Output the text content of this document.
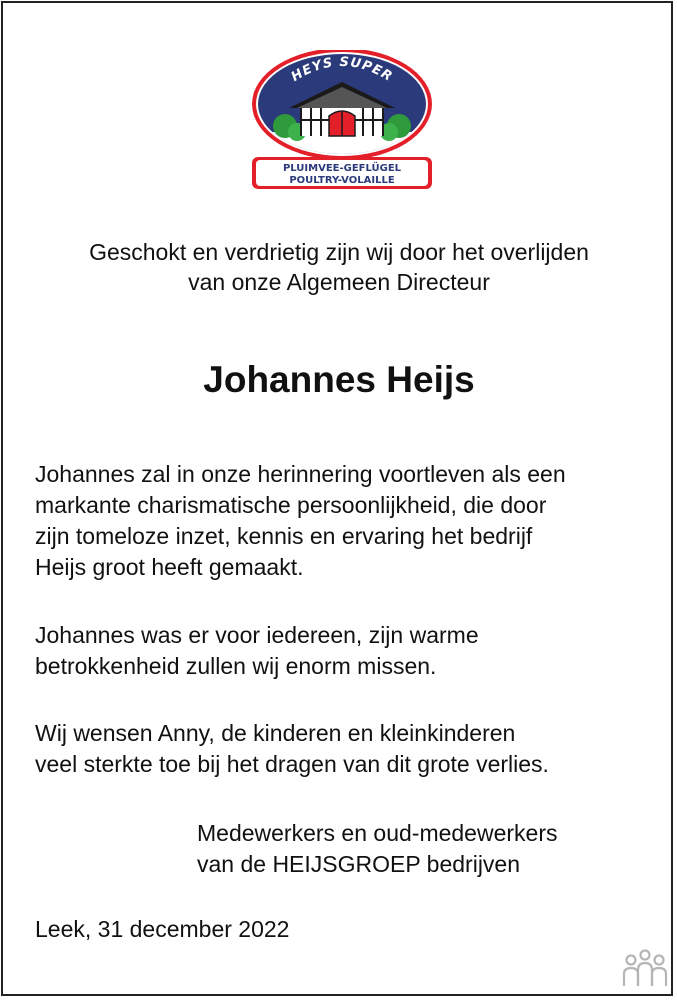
HEYS SUPER
PLUIMVEE-GEFLÜGEL
POULTRY-VOLAILLE
Geschokt en verdrietig zijn wij door het overlijden
van onze Algemeen Directeur
Johannes Heijs
Johannes zal in onze herinnering voortleven als een
markante charismatische persoonlijkheid, die door
zijn tomeloze inzet, kennis en ervaring het bedrijf
Heijs groot heeft gemaakt.
Johannes was er voor iedereen, zijn warme
betrokkenheid zullen wij enorm missen.
Wij wensen Anny, de kinderen en kleinkinderen
veel sterkte toe bij het dragen van dit grote verlies.
Medewerkers en oud-medewerkers
van de HEIJSGROEP bedrijven
Leek, 31 december 2022
